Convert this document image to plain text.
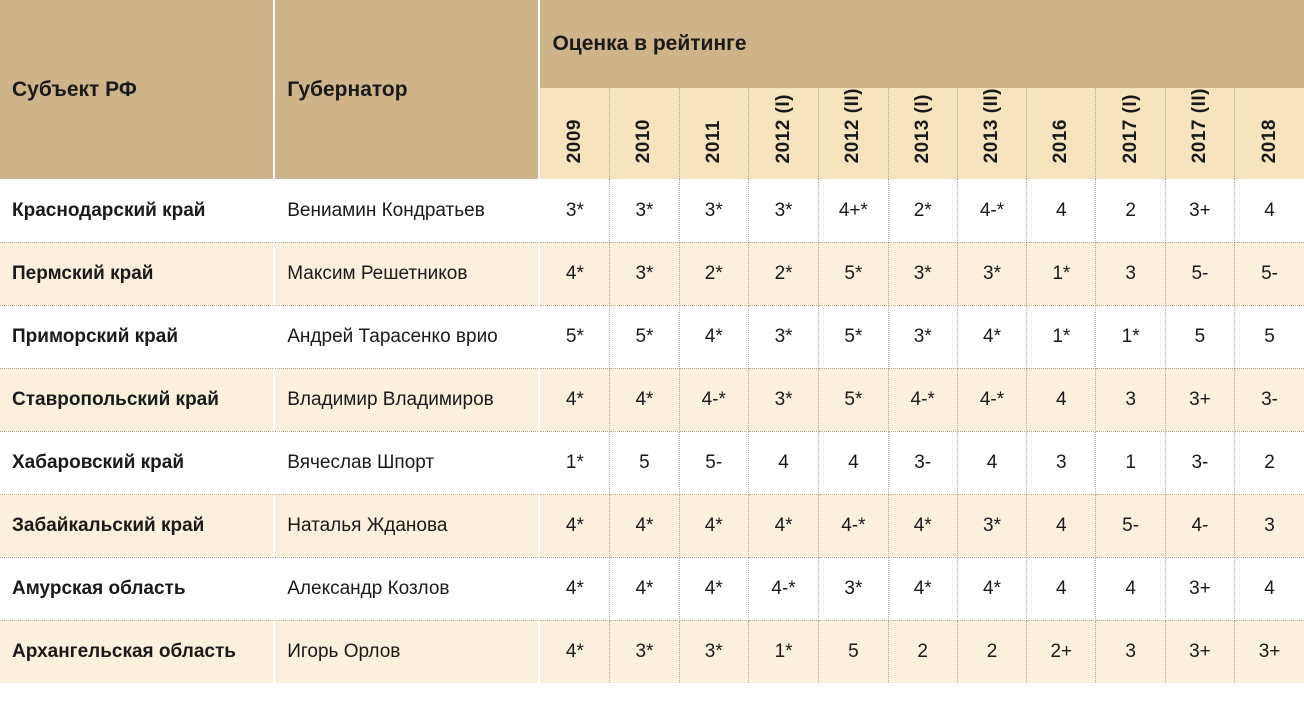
Субъект РФ	Губернатор	Оценка в рейтинге										
		2009	2010	2011	2012 (I)	2012 (II)	2013 (I)	2013 (II)	2016	2017 (I)	2017 (II)	2018
Краснодарский край	Вениамин Кондратьев	3*	3*	3*	3*	4+*	2*	4-*	4	2	3+	4
Пермский край	Максим Решетников	4*	3*	2*	2*	5*	3*	3*	1*	3	5-	5-
Приморский край	Андрей Тарасенко врио	5*	5*	4*	3*	5*	3*	4*	1*	1*	5	5
Ставропольский край	Владимир Владимиров	4*	4*	4-*	3*	5*	4-*	4-*	4	3	3+	3-
Хабаровский край	Вячеслав Шпорт	1*	5	5-	4	4	3-	4	3	1	3-	2
Забайкальский край	Наталья Жданова	4*	4*	4*	4*	4-*	4*	3*	4	5-	4-	3
Амурская область	Александр Козлов	4*	4*	4*	4-*	3*	4*	4*	4	4	3+	4
Архангельская область	Игорь Орлов	4*	3*	3*	1*	5	2	2	2+	3	3+	3+
